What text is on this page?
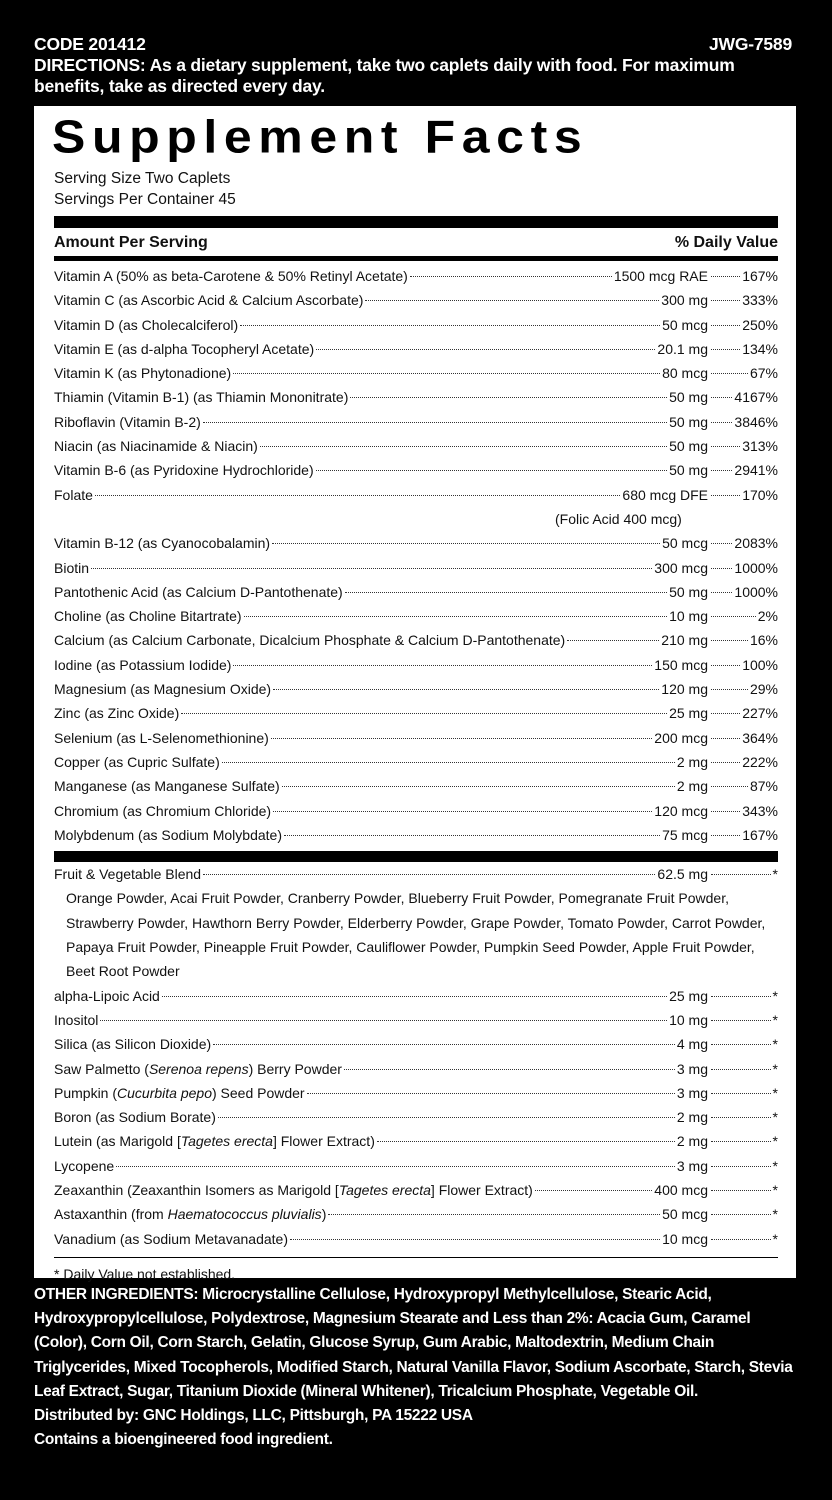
CODE 201412	JWG-7589
DIRECTIONS: As a dietary supplement, take two caplets daily with food. For maximum benefits, take as directed every day.
Supplement Facts
Serving Size Two Caplets
Servings Per Container 45
Amount Per Serving	% Daily Value
Vitamin A (50% as beta-Carotene & 50% Retinyl Acetate)	1500 mcg RAE 167%
Vitamin C (as Ascorbic Acid & Calcium Ascorbate)	300 mg 333%
Vitamin D (as Cholecalciferol)	50 mcg 250%
Vitamin E (as d-alpha Tocopheryl Acetate)	20.1 mg 134%
Vitamin K (as Phytonadione)	80 mcg	67%
Thiamin (Vitamin B-1) (as Thiamin Mononitrate)	50 mg 4167%
Riboflavin (Vitamin B-2)	50 mg 3846%
Niacin (as Niacinamide & Niacin)	50 mg 313%
Vitamin B-6 (as Pyridoxine Hydrochloride)	50 mg 2941%
Folate	680 mcg DFE 170%
(Folic Acid 400 mcg)
Vitamin B-12 (as Cyanocobalamin)	50 mcg 2083%
Biotin	300 mcg 1000%
Pantothenic Acid (as Calcium D-Pantothenate)	50 mg 1000%
Choline (as Choline Bitartrate)	10 mg	2%
Calcium (as Calcium Carbonate, Dicalcium Phosphate & Calcium D-Pantothenate)	210 mg	16%
Iodine (as Potassium Iodide)	150 mcg 100%
Magnesium (as Magnesium Oxide)	120 mg	29%
Zinc (as Zinc Oxide)	25 mg 227%
Selenium (as L-Selenomethionine)	200 mcg 364%
Copper (as Cupric Sulfate)	2 mg 222%
Manganese (as Manganese Sulfate)	2 mg	87%
Chromium (as Chromium Chloride)	120 mcg 343%
Molybdenum (as Sodium Molybdate)	75 mcg 167%
Fruit & Vegetable Blend	62.5 mg	*
Orange Powder, Acai Fruit Powder, Cranberry Powder, Blueberry Fruit Powder, Pomegranate Fruit Powder, Strawberry Powder, Hawthorn Berry Powder, Elderberry Powder, Grape Powder, Tomato Powder, Carrot Powder, Papaya Fruit Powder, Pineapple Fruit Powder, Cauliflower Powder, Pumpkin Seed Powder, Apple Fruit Powder, Beet Root Powder
alpha-Lipoic Acid	25 mg	*
Inositol	10 mg	*
Silica (as Silicon Dioxide)	4 mg	*
Saw Palmetto (Serenoa repens) Berry Powder	3 mg	*
Pumpkin (Cucurbita pepo) Seed Powder	3 mg	*
Boron (as Sodium Borate)	2 mg	*
Lutein (as Marigold [Tagetes erecta] Flower Extract)	2 mg	*
Lycopene	3 mg	*
Zeaxanthin (Zeaxanthin Isomers as Marigold [Tagetes erecta] Flower Extract)	400 mcg	*
Astaxanthin (from Haematococcus pluvialis)	50 mcg	*
Vanadium (as Sodium Metavanadate)	10 mcg	*
* Daily Value not established.
OTHER INGREDIENTS: Microcrystalline Cellulose, Hydroxypropyl Methylcellulose, Stearic Acid, Hydroxypropylcellulose, Polydextrose, Magnesium Stearate and Less than 2%: Acacia Gum, Caramel (Color), Corn Oil, Corn Starch, Gelatin, Glucose Syrup, Gum Arabic, Maltodextrin, Medium Chain Triglycerides, Mixed Tocopherols, Modified Starch, Natural Vanilla Flavor, Sodium Ascorbate, Starch, Stevia Leaf Extract, Sugar, Titanium Dioxide (Mineral Whitener), Tricalcium Phosphate, Vegetable Oil.
Distributed by: GNC Holdings, LLC, Pittsburgh, PA 15222 USA
Contains a bioengineered food ingredient.
